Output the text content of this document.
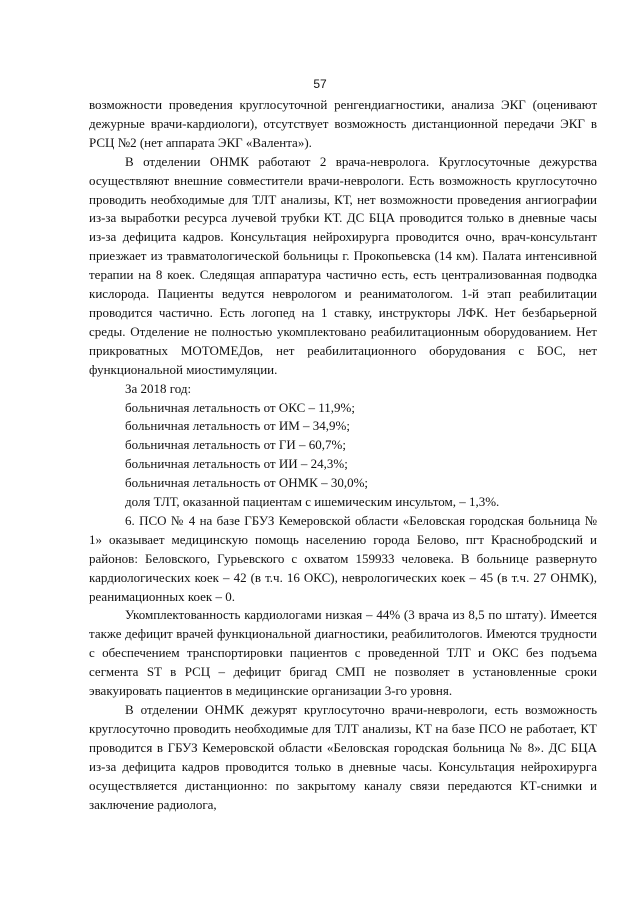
57

возможности проведения круглосуточной ренгендиагностики, анализа ЭКГ (оценивают дежурные врачи-кардиологи), отсутствует возможность дистанционной передачи ЭКГ в РСЦ №2 (нет аппарата ЭКГ «Валента»).

В отделении ОНМК работают 2 врача-невролога. Круглосуточные дежурства осуществляют внешние совместители врачи-неврологи. Есть возможность круглосуточно проводить необходимые для ТЛТ анализы, КТ, нет возможности проведения ангиографии из-за выработки ресурса лучевой трубки КТ. ДС БЦА проводится только в дневные часы из-за дефицита кадров. Консультация нейрохирурга проводится очно, врач-консультант приезжает из травматологической больницы г. Прокопьевска (14 км). Палата интенсивной терапии на 8 коек. Следящая аппаратура частично есть, есть централизованная подводка кислорода. Пациенты ведутся неврологом и реаниматологом. 1-й этап реабилитации проводится частично. Есть логопед на 1 ставку, инструкторы ЛФК. Нет безбарьерной среды. Отделение не полностью укомплектовано реабилитационным оборудованием. Нет прикроватных МОТОМЕДов, нет реабилитационного оборудования с БОС, нет функциональной миостимуляции.

За 2018 год:

больничная летальность от ОКС – 11,9%;

больничная летальность от ИМ – 34,9%;

больничная летальность от ГИ – 60,7%;

больничная летальность от ИИ – 24,3%;

больничная летальность от ОНМК – 30,0%;

доля ТЛТ, оказанной пациентам с ишемическим инсультом, – 1,3%.

6. ПСО № 4 на базе ГБУЗ Кемеровской области «Беловская городская больница № 1» оказывает медицинскую помощь населению города Белово, пгт Краснобродский и районов: Беловского, Гурьевского с охватом 159933 человека. В больнице развернуто кардиологических коек – 42 (в т.ч. 16 ОКС), неврологических коек – 45 (в т.ч. 27 ОНМК), реанимационных коек – 0.

Укомплектованность кардиологами низкая – 44% (3 врача из 8,5 по штату). Имеется также дефицит врачей функциональной диагностики, реабилитологов. Имеются трудности с обеспечением транспортировки пациентов с проведенной ТЛТ и ОКС без подъема сегмента ST в РСЦ – дефицит бригад СМП не позволяет в установленные сроки эвакуировать пациентов в медицинские организации 3-го уровня.

В отделении ОНМК дежурят круглосуточно врачи-неврологи, есть возможность круглосуточно проводить необходимые для ТЛТ анализы, КТ на базе ПСО не работает, КТ проводится в ГБУЗ Кемеровской области «Беловская городская больница № 8». ДС БЦА из-за дефицита кадров проводится только в дневные часы. Консультация нейрохирурга осуществляется дистанционно: по закрытому каналу связи передаются КТ-снимки и заключение радиолога,
